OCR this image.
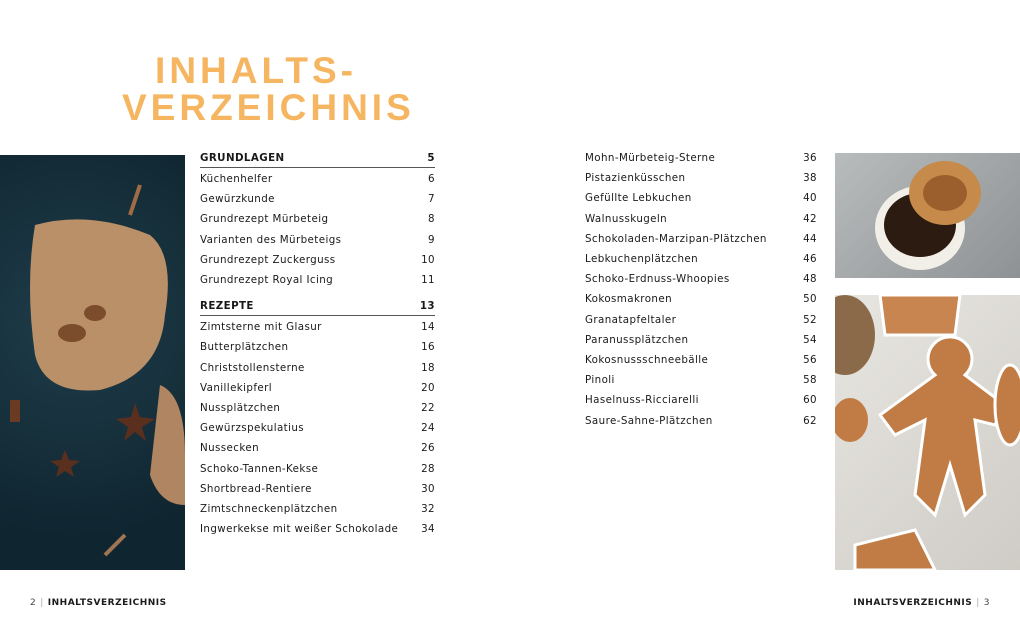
INHALTS-
VERZEICHNIS
GRUNDLAGEN	5
Küchenhelfer	6
Gewürzkunde	7
Grundrezept Mürbeteig	8
Varianten des Mürbeteigs	9
Grundrezept Zuckerguss	10
Grundrezept Royal Icing	11
REZEPTE	13
Zimtsterne mit Glasur	14
Butterplätzchen	16
Christstollensterne	18
Vanillekipferl	20
Nussplätzchen	22
Gewürzspekulatius	24
Nussecken	26
Schoko-Tannen-Kekse	28
Shortbread-Rentiere	30
Zimtschneckenplätzchen	32
Ingwerkekse mit weißer Schokolade 34
Mohn-Mürbeteig-Sterne	36
Pistazienküsschen	38
Gefüllte Lebkuchen	40
Walnusskugeln	42
Schokoladen-Marzipan-Plätzchen	44
Lebkuchenplätzchen	46
Schoko-Erdnuss-Whoopies	48
Kokosmakronen	50
Granatapfeltaler	52
Paranussplätzchen	54
Kokosnussschneebälle	56
Pinoli	58
Haselnuss-Ricciarelli	60
Saure-Sahne-Plätzchen	62
2 | INHALTSVERZEICHNIS	INHALTSVERZEICHNIS | 3
